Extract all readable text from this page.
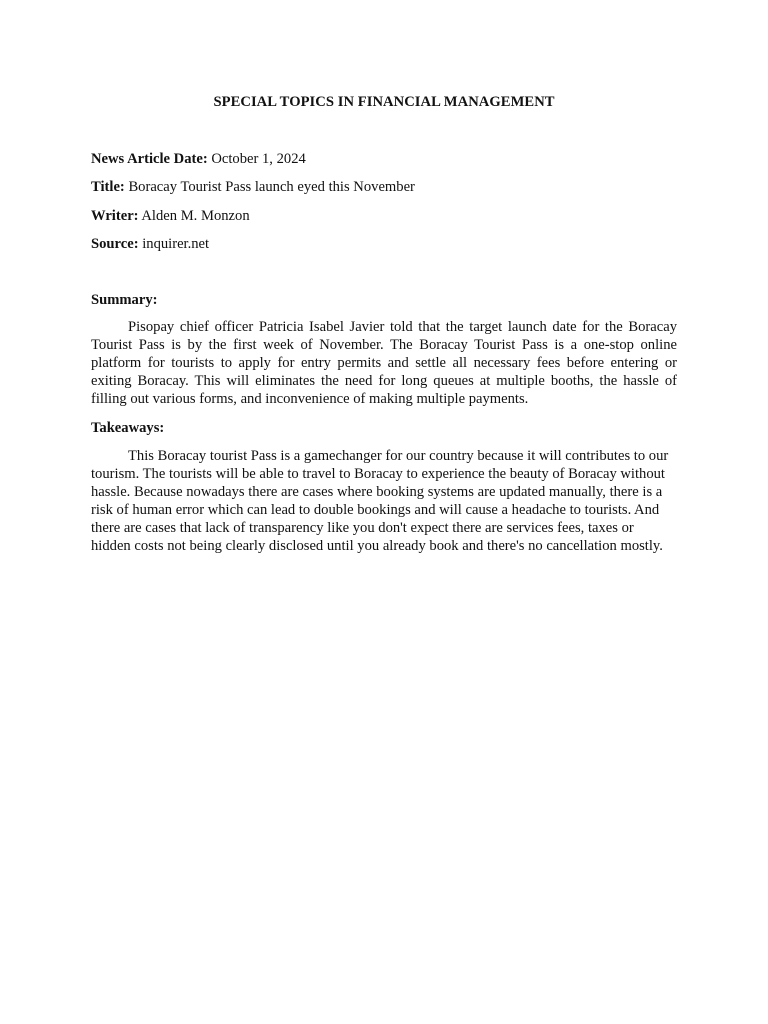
SPECIAL TOPICS IN FINANCIAL MANAGEMENT
News Article Date: October 1, 2024
Title: Boracay Tourist Pass launch eyed this November
Writer: Alden M. Monzon
Source: inquirer.net
Summary:

Pisopay chief officer Patricia Isabel Javier told that the target launch date for the Boracay Tourist Pass is by the first week of November. The Boracay Tourist Pass is a one-stop online platform for tourists to apply for entry permits and settle all necessary fees before entering or exiting Boracay. This will eliminates the need for long queues at multiple booths, the hassle of filling out various forms, and inconvenience of making multiple payments.

Takeaways:

This Boracay tourist Pass is a gamechanger for our country because it will contributes to our tourism. The tourists will be able to travel to Boracay to experience the beauty of Boracay without hassle. Because nowadays there are cases where booking systems are updated manually, there is a risk of human error which can lead to double bookings and will cause a headache to tourists. And there are cases that lack of transparency like you don't expect there are services fees, taxes or hidden costs not being clearly disclosed until you already book and there's no cancellation mostly.
